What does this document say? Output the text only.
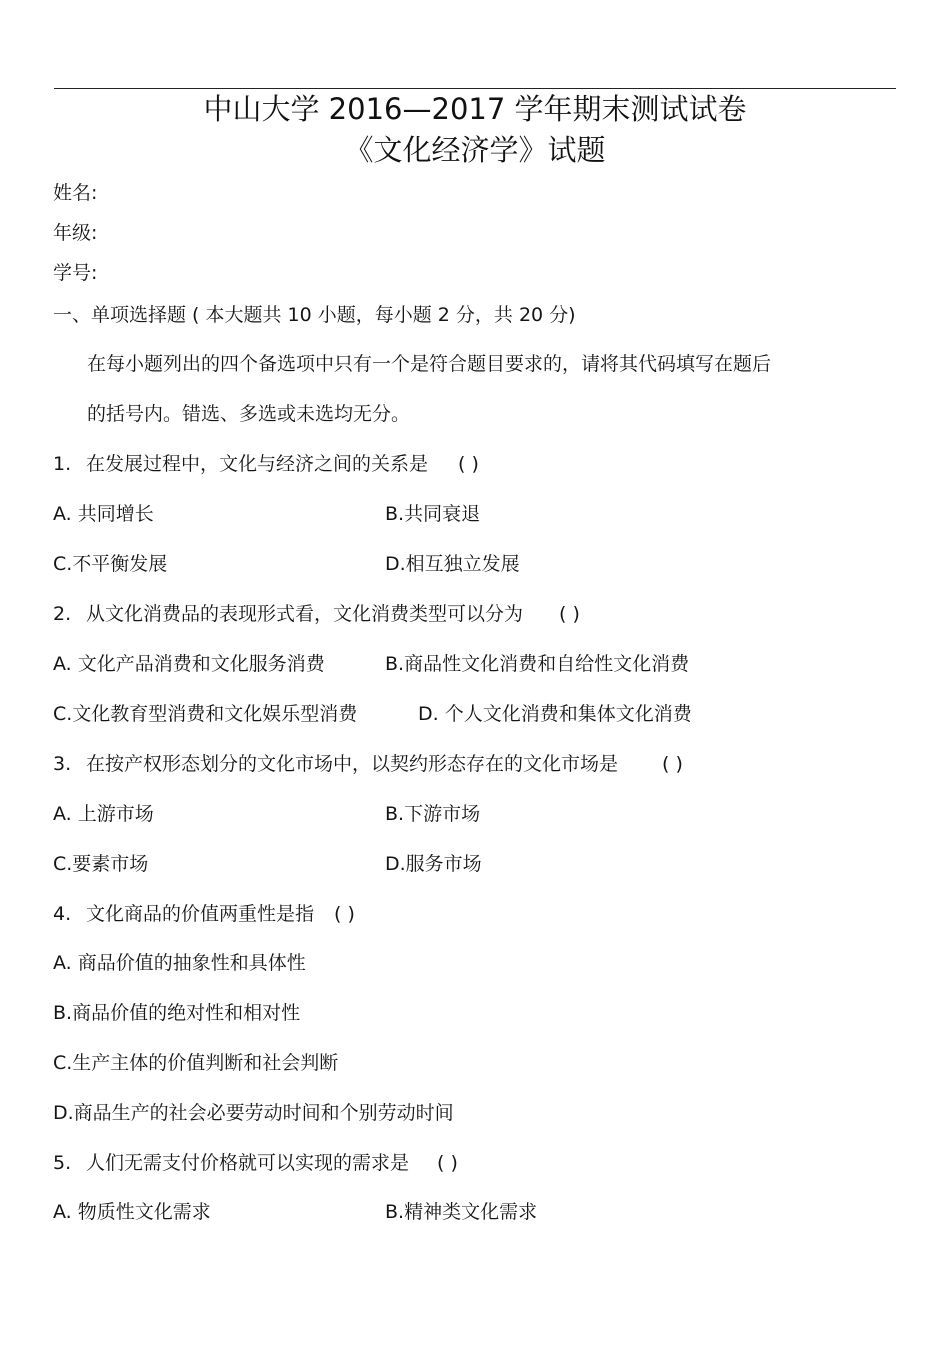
中山大学 2016—2017 学年期末测试试卷
《文化经济学》试题
姓名:
年级:
学号:
一、单项选择题 ( 本大题共 10 小题，每小题 2 分，共 20 分)
在每小题列出的四个备选项中只有一个是符合题目要求的，请将其代码填写在题后
的括号内。错选、多选或未选均无分。
1. 在发展过程中，文化与经济之间的关系是 ( )
A. 共同增长	B.共同衰退
C.不平衡发展	D.相互独立发展
2. 从文化消费品的表现形式看，文化消费类型可以分为 ( )
A. 文化产品消费和文化服务消费	B.商品性文化消费和自给性文化消费
C.文化教育型消费和文化娱乐型消费	D. 个人文化消费和集体文化消费
3. 在按产权形态划分的文化市场中，以契约形态存在的文化市场是 ( )
A. 上游市场	B.下游市场
C.要素市场	D.服务市场
4. 文化商品的价值两重性是指 ( )
A. 商品价值的抽象性和具体性
B.商品价值的绝对性和相对性
C.生产主体的价值判断和社会判断
D.商品生产的社会必要劳动时间和个别劳动时间
5. 人们无需支付价格就可以实现的需求是 ( )
A. 物质性文化需求	B.精神类文化需求
